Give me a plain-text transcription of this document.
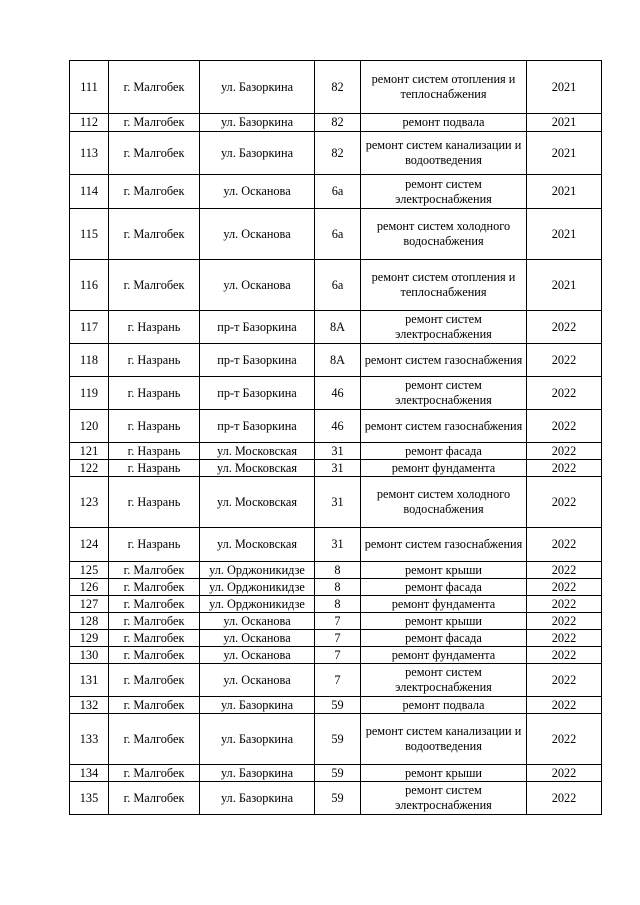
111	г. Малгобек	ул. Базоркина	82	ремонт систем отопления и теплоснабжения	2021
112	г. Малгобек	ул. Базоркина	82	ремонт подвала	2021
113	г. Малгобек	ул. Базоркина	82	ремонт систем канализации и водоотведения	2021
114	г. Малгобек	ул. Осканова	6а	ремонт систем электроснабжения	2021
115	г. Малгобек	ул. Осканова	6а	ремонт систем холодного водоснабжения	2021
116	г. Малгобек	ул. Осканова	6а	ремонт систем отопления и теплоснабжения	2021
117	г. Назрань	пр-т Базоркина	8А	ремонт систем электроснабжения	2022
118	г. Назрань	пр-т Базоркина	8А	ремонт систем газоснабжения	2022
119	г. Назрань	пр-т Базоркина	46	ремонт систем электроснабжения	2022
120	г. Назрань	пр-т Базоркина	46	ремонт систем газоснабжения	2022
121	г. Назрань	ул. Московская	31	ремонт фасада	2022
122	г. Назрань	ул. Московская	31	ремонт фундамента	2022
123	г. Назрань	ул. Московская	31	ремонт систем холодного водоснабжения	2022
124	г. Назрань	ул. Московская	31	ремонт систем газоснабжения	2022
125	г. Малгобек	ул. Орджоникидзе	8	ремонт крыши	2022
126	г. Малгобек	ул. Орджоникидзе	8	ремонт фасада	2022
127	г. Малгобек	ул. Орджоникидзе	8	ремонт фундамента	2022
128	г. Малгобек	ул. Осканова	7	ремонт крыши	2022
129	г. Малгобек	ул. Осканова	7	ремонт фасада	2022
130	г. Малгобек	ул. Осканова	7	ремонт фундамента	2022
131	г. Малгобек	ул. Осканова	7	ремонт систем электроснабжения	2022
132	г. Малгобек	ул. Базоркина	59	ремонт подвала	2022
133	г. Малгобек	ул. Базоркина	59	ремонт систем канализации и водоотведения	2022
134	г. Малгобек	ул. Базоркина	59	ремонт крыши	2022
135	г. Малгобек	ул. Базоркина	59	ремонт систем электроснабжения	2022
